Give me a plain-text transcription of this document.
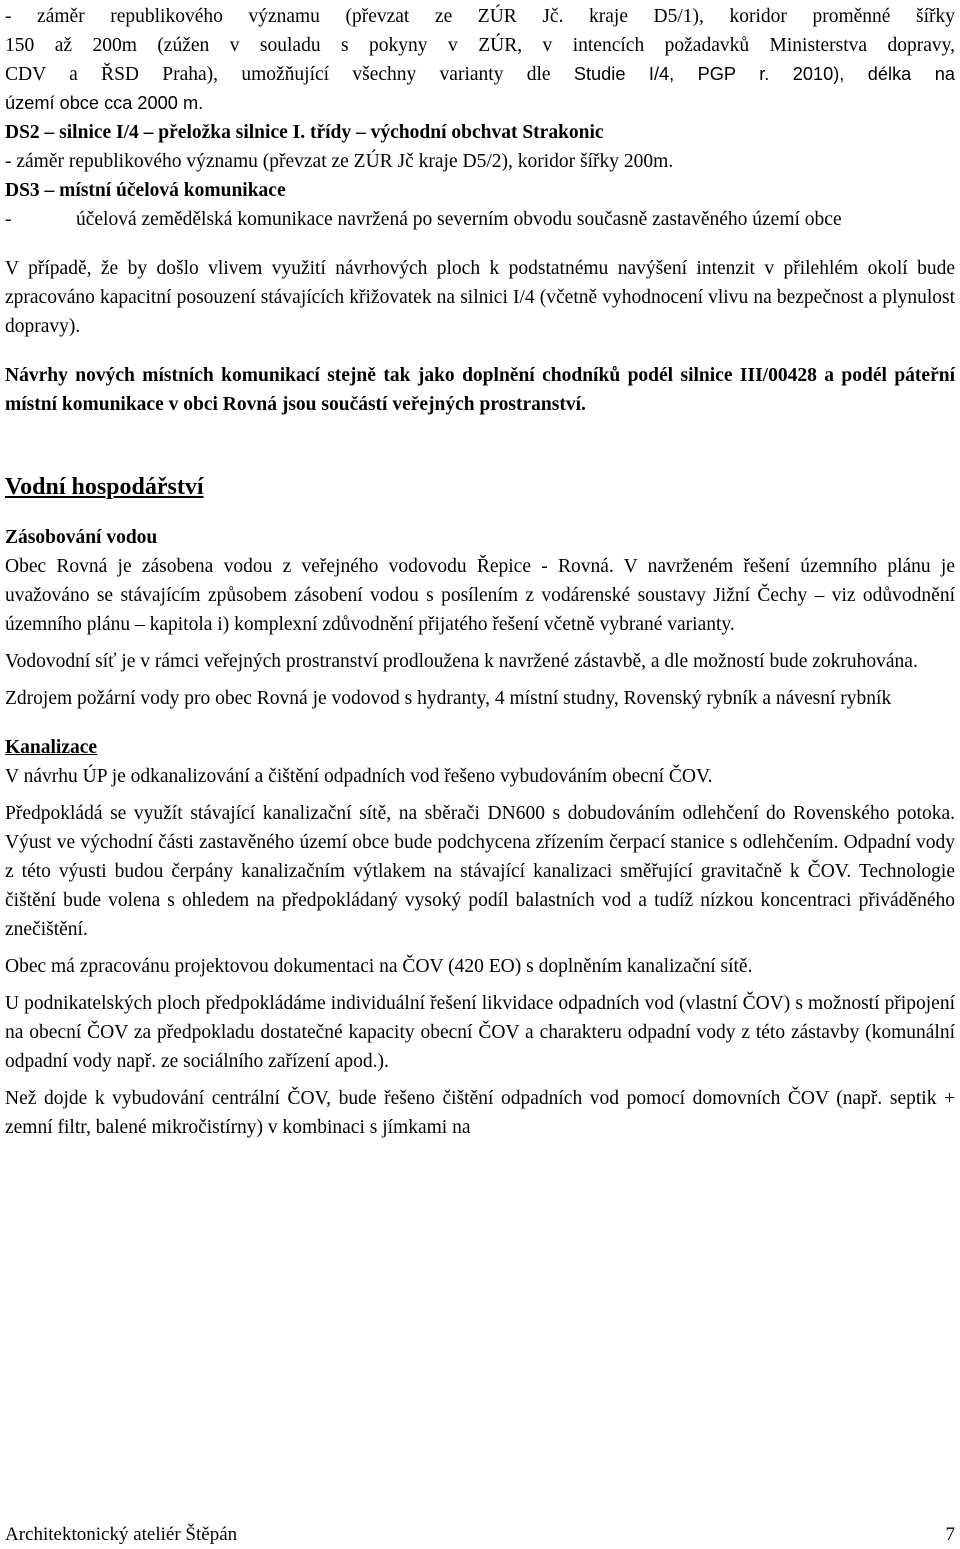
- záměr republikového významu (převzat ze ZÚR Jč. kraje D5/1), koridor proměnné šířky

150 až 200m (zúžen v souladu s pokyny v ZÚR, v intencích požadavků Ministerstva dopravy,

CDV a ŘSD Praha), umožňující všechny varianty dle Studie I/4, PGP r. 2010), délka na

území obce cca 2000 m.

DS2 – silnice I/4 – přeložka silnice I. třídy – východní obchvat Strakonic

- záměr republikového významu (převzat ze ZÚR Jč kraje D5/2), koridor šířky 200m.

DS3 – místní účelová komunikace

-	účelová zemědělská komunikace navržená po severním obvodu současně zastavěného území obce

V případě, že by došlo vlivem využití návrhových ploch k podstatnému navýšení intenzit v přilehlém okolí bude zpracováno kapacitní posouzení stávajících křižovatek na silnici I/4 (včetně vyhodnocení vlivu na bezpečnost a plynulost dopravy).

Návrhy nových místních komunikací stejně tak jako doplnění chodníků podél silnice III/00428 a podél páteřní místní komunikace v obci Rovná jsou součástí veřejných prostranství.

Vodní hospodářství

Zásobování vodou

Obec Rovná je zásobena vodou z veřejného vodovodu Řepice - Rovná. V navrženém řešení územního plánu je uvažováno se stávajícím způsobem zásobení vodou s posílením z vodárenské soustavy Jižní Čechy – viz odůvodnění územního plánu – kapitola i) komplexní zdůvodnění přijatého řešení včetně vybrané varianty.

Vodovodní síť je v rámci veřejných prostranství prodloužena k navržené zástavbě, a dle možností bude zokruhována.

Zdrojem požární vody pro obec Rovná je vodovod s hydranty, 4 místní studny, Rovenský rybník a návesní rybník

Kanalizace

V návrhu ÚP je odkanalizování a čištění odpadních vod řešeno vybudováním obecní ČOV.

Předpokládá se využít stávající kanalizační sítě, na sběrači DN600 s dobudováním odlehčení do Rovenského potoka. Výust ve východní části zastavěného území obce bude podchycena zřízením čerpací stanice s odlehčením. Odpadní vody z této výusti budou čerpány kanalizačním výtlakem na stávající kanalizaci směřující gravitačně k ČOV. Technologie čištění bude volena s ohledem na předpokládaný vysoký podíl balastních vod a tudíž nízkou koncentraci přiváděného znečištění.

Obec má zpracovánu projektovou dokumentaci na ČOV (420 EO) s doplněním kanalizační sítě.

U podnikatelských ploch předpokládáme individuální řešení likvidace odpadních vod (vlastní ČOV) s možností připojení na obecní ČOV za předpokladu dostatečné kapacity obecní ČOV a charakteru odpadní vody z této zástavby (komunální odpadní vody např. ze sociálního zařízení apod.).

Než dojde k vybudování centrální ČOV, bude řešeno čištění odpadních vod pomocí domovních ČOV (např. septik + zemní filtr, balené mikročistírny) v kombinaci s jímkami na

Architektonický ateliér Štěpán	7
